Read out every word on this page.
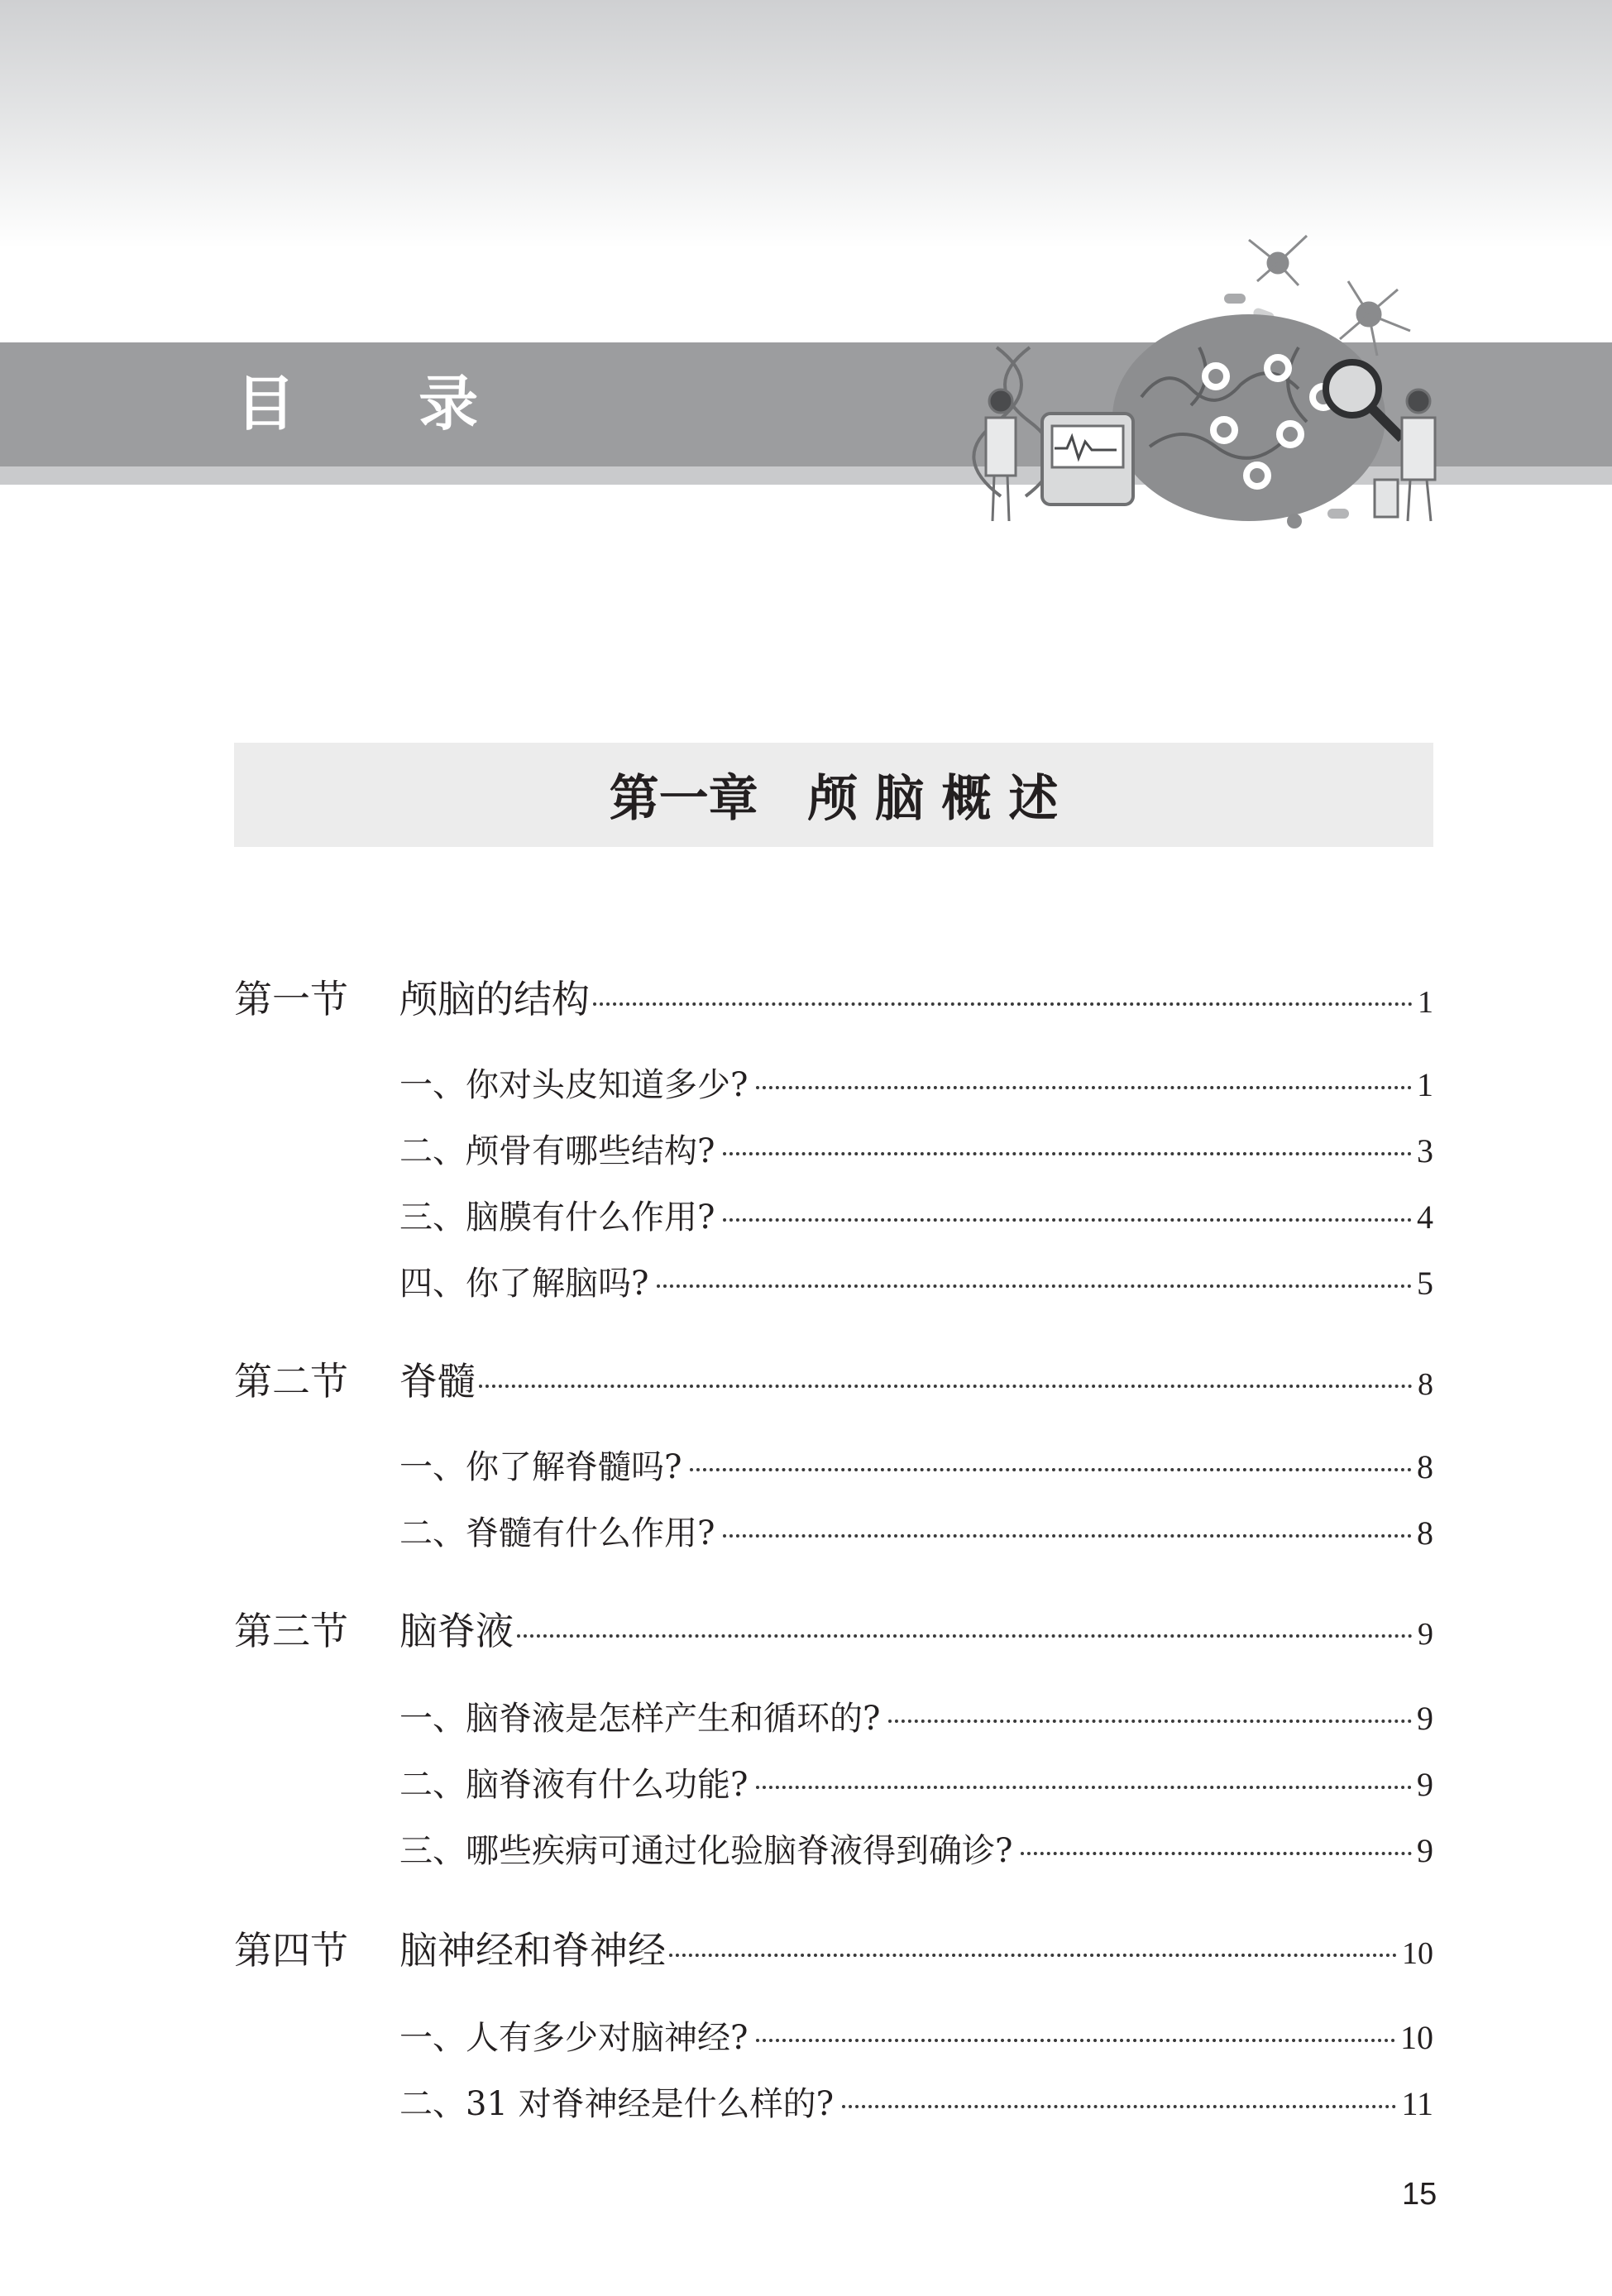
目 录
第一章　颅 脑 概 述
第一节	颅脑的结构	1
一、你对头皮知道多少?	1
二、颅骨有哪些结构?	3
三、脑膜有什么作用?	4
四、你了解脑吗?	5
第二节	脊髓	8
一、你了解脊髓吗?	8
二、脊髓有什么作用?	8
第三节	脑脊液	9
一、脑脊液是怎样产生和循环的?	9
二、脑脊液有什么功能?	9
三、哪些疾病可通过化验脑脊液得到确诊?	9
第四节	脑神经和脊神经	10
一、人有多少对脑神经?	10
二、31 对脊神经是什么样的?	11
15
